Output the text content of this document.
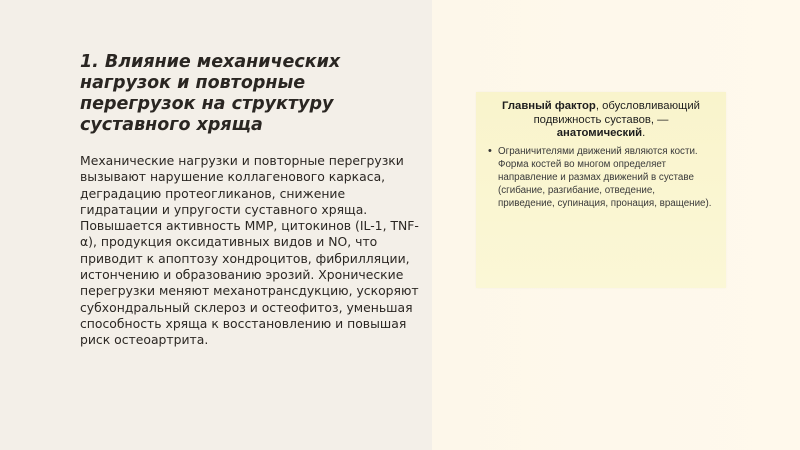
1. Влияние механических нагрузок и повторные перегрузок на структуру суставного хряща

Механические нагрузки и повторные перегрузки вызывают нарушение коллагенового каркаса, деградацию протеогликанов, снижение гидратации и упругости суставного хряща. Повышается активность MMP, цитокинов (IL-1, TNF-α), продукция оксидативных видов и NO, что приводит к апоптозу хондроцитов, фибрилляции, истончению и образованию эрозий. Хронические перегрузки меняют механотрансдукцию, ускоряют субхондральный склероз и остеофитоз, уменьшая способность хряща к восстановлению и повышая риск остеоартрита.

Главный фактор, обусловливающий подвижность суставов, —
анатомический.

• Ограничителями движений являются кости. Форма костей во многом определяет направление и размах движений в суставе (сгибание, разгибание, отведение, приведение, супинация, пронация, вращение).
